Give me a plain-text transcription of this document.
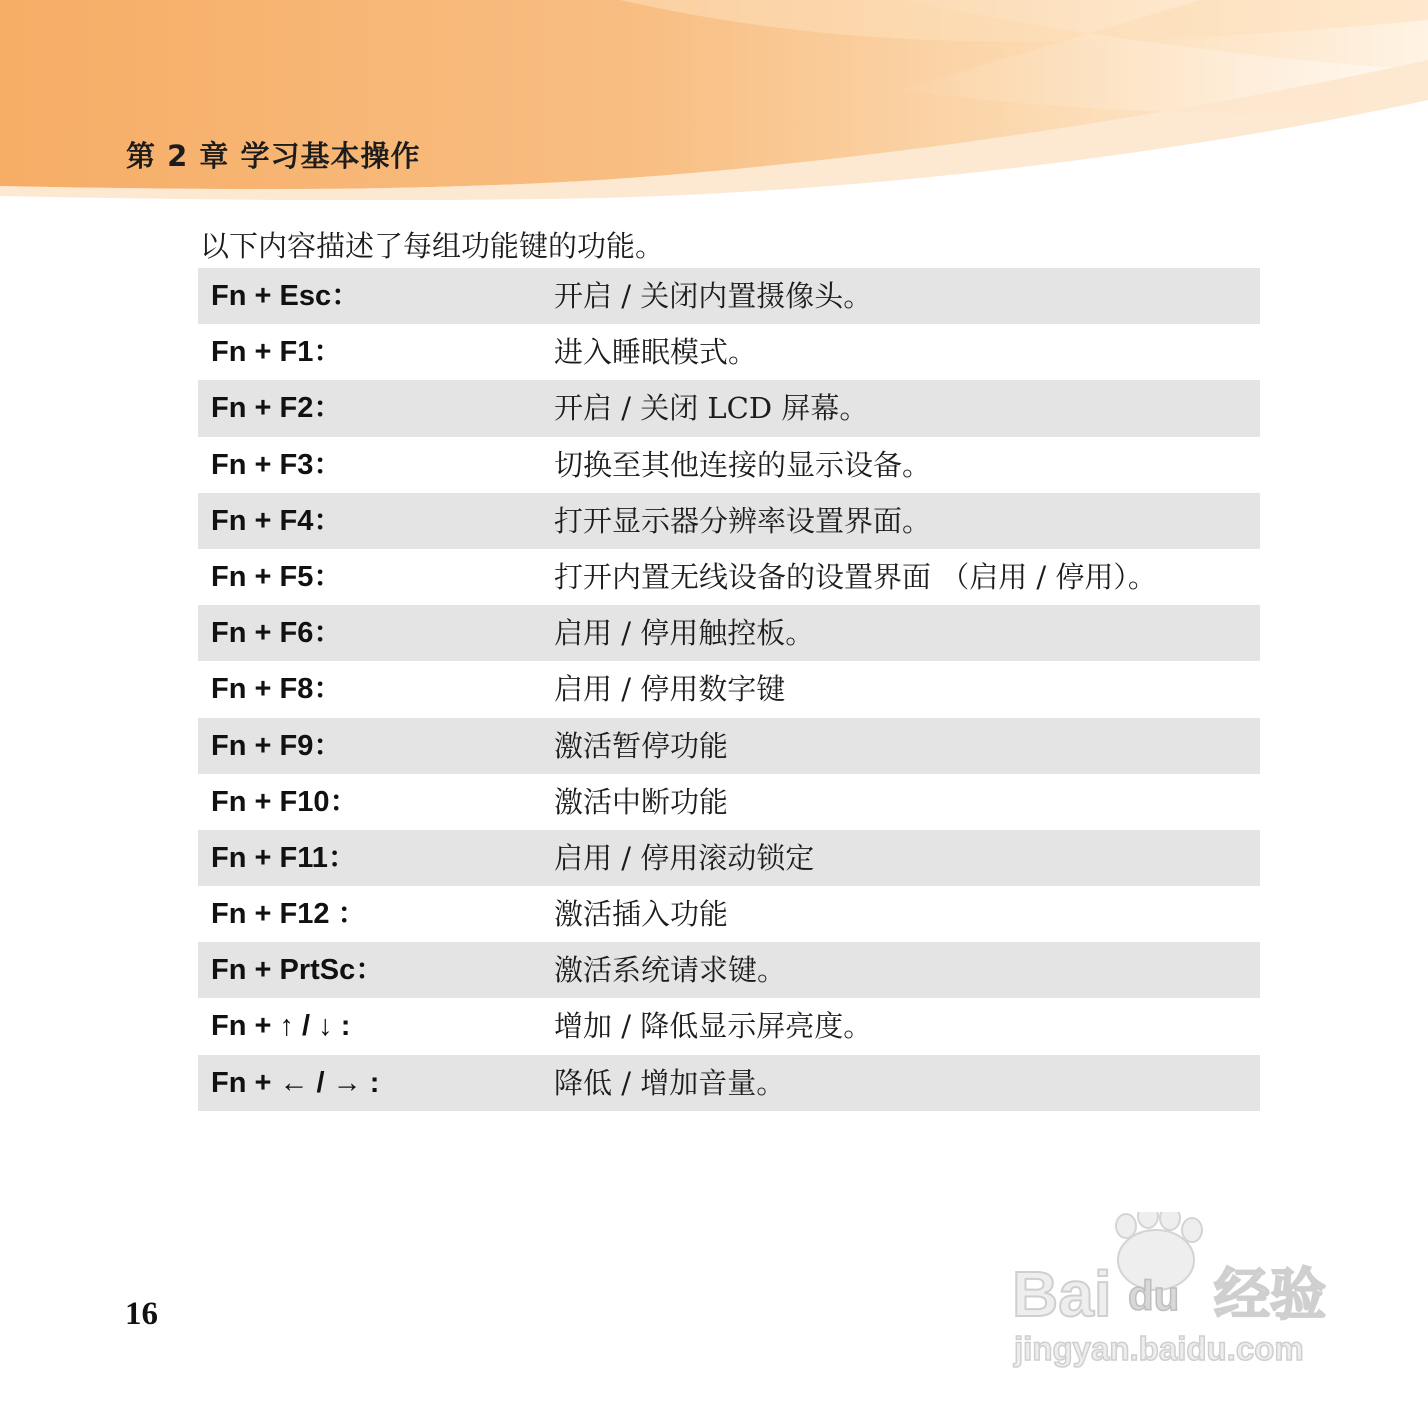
第 2 章 学习基本操作
以下内容描述了每组功能键的功能。
Fn + Esc：	开启 / 关闭内置摄像头。
Fn + F1：	进入睡眠模式。
Fn + F2：	开启 / 关闭 LCD 屏幕。
Fn + F3：	切换至其他连接的显示设备。
Fn + F4：	打开显示器分辨率设置界面。
Fn + F5：	打开内置无线设备的设置界面 （启用 / 停用）。
Fn + F6：	启用 / 停用触控板。
Fn + F8：	启用 / 停用数字键
Fn + F9：	激活暂停功能
Fn + F10：	激活中断功能
Fn + F11：	启用 / 停用滚动锁定
Fn + F12 ：	激活插入功能
Fn + PrtSc：	激活系统请求键。
Fn + ↑ / ↓ :	增加 / 降低显示屏亮度。
Fn + ← / → :	降低 / 增加音量。
16	Bai du 经验
jingyan.baidu.com
